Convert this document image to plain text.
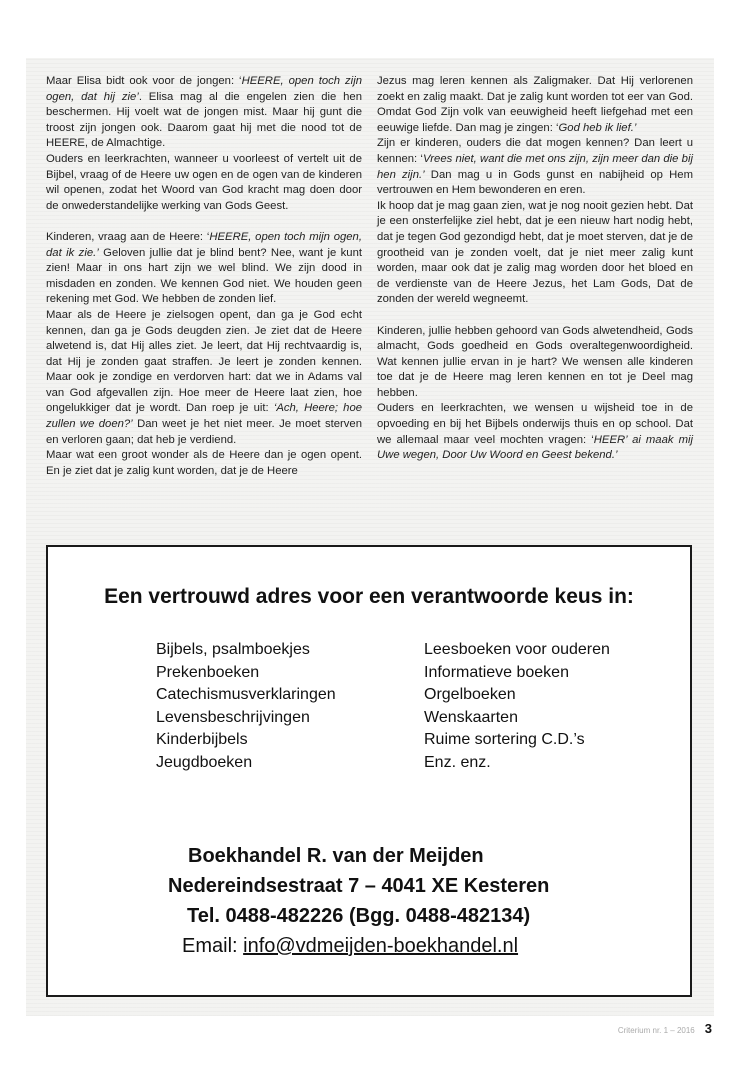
Maar Elisa bidt ook voor de jongen: ‘HEERE, open toch zijn ogen, dat hij zie’. Elisa mag al die engelen zien die hen beschermen. Hij voelt wat de jongen mist. Maar hij gunt die troost zijn jongen ook. Daarom gaat hij met die nood tot de HEERE, de Almachtige.

Ouders en leerkrachten, wanneer u voorleest of vertelt uit de Bijbel, vraag of de Heere uw ogen en de ogen van de kinderen wil openen, zodat het Woord van God kracht mag doen door de onwederstandelijke werking van Gods Geest.

Kinderen, vraag aan de Heere: ‘HEERE, open toch mijn ogen, dat ik zie.’ Geloven jullie dat je blind bent? Nee, want je kunt zien! Maar in ons hart zijn we wel blind. We zijn dood in misdaden en zonden. We kennen God niet. We houden geen rekening met God. We hebben de zonden lief.

Maar als de Heere je zielsogen opent, dan ga je God echt kennen, dan ga je Gods deugden zien. Je ziet dat de Heere alwetend is, dat Hij alles ziet. Je leert, dat Hij rechtvaardig is, dat Hij je zonden gaat straffen. Je leert je zonden kennen. Maar ook je zondige en verdorven hart: dat we in Adams val van God afgevallen zijn. Hoe meer de Heere laat zien, hoe ongelukkiger dat je wordt. Dan roep je uit: ‘Ach, Heere; hoe zullen we doen?’ Dan weet je het niet meer. Je moet sterven en verloren gaan; dat heb je verdiend.

Maar wat een groot wonder als de Heere dan je ogen opent. En je ziet dat je zalig kunt worden, dat je de Heere

Jezus mag leren kennen als Zaligmaker. Dat Hij verlorenen zoekt en zalig maakt. Dat je zalig kunt worden tot eer van God. Omdat God Zijn volk van eeuwigheid heeft liefgehad met een eeuwige liefde. Dan mag je zingen: ‘God heb ik lief.’

Zijn er kinderen, ouders die dat mogen kennen? Dan leert u kennen: ‘Vrees niet, want die met ons zijn, zijn meer dan die bij hen zijn.’ Dan mag u in Gods gunst en nabijheid op Hem vertrouwen en Hem bewonderen en eren.

Ik hoop dat je mag gaan zien, wat je nog nooit gezien hebt. Dat je een onsterfelijke ziel hebt, dat je een nieuw hart nodig hebt, dat je tegen God gezondigd hebt, dat je moet sterven, dat je de grootheid van je zonden voelt, dat je niet meer zalig kunt worden, maar ook dat je zalig mag worden door het bloed en de verdienste van de Heere Jezus, het Lam Gods, Dat de zonden der wereld wegneemt.

Kinderen, jullie hebben gehoord van Gods alwetendheid, Gods almacht, Gods goedheid en Gods overaltegenwoordigheid. Wat kennen jullie ervan in je hart? We wensen alle kinderen toe dat je de Heere mag leren kennen en tot je Deel mag hebben.

Ouders en leerkrachten, we wensen u wijsheid toe in de opvoeding en bij het Bijbels onderwijs thuis en op school. Dat we allemaal maar veel mochten vragen: ‘HEER’ ai maak mij Uwe wegen, Door Uw Woord en Geest bekend.’

Een vertrouwd adres voor een verantwoorde keus in:
Bijbels, psalmboekjes
Prekenboeken
Catechismusverklaringen
Levensbeschrijvingen
Kinderbijbels
Jeugdboeken
Leesboeken voor ouderen
Informatieve boeken
Orgelboeken
Wenskaarten
Ruime sortering C.D.’s
Enz. enz.
Boekhandel R. van der Meijden
Nedereindsestraat 7 – 4041 XE Kesteren
Tel. 0488-482226 (Bgg. 0488-482134)
Email: info@vdmeijden-boekhandel.nl
Criterium nr. 1 – 2016 3
